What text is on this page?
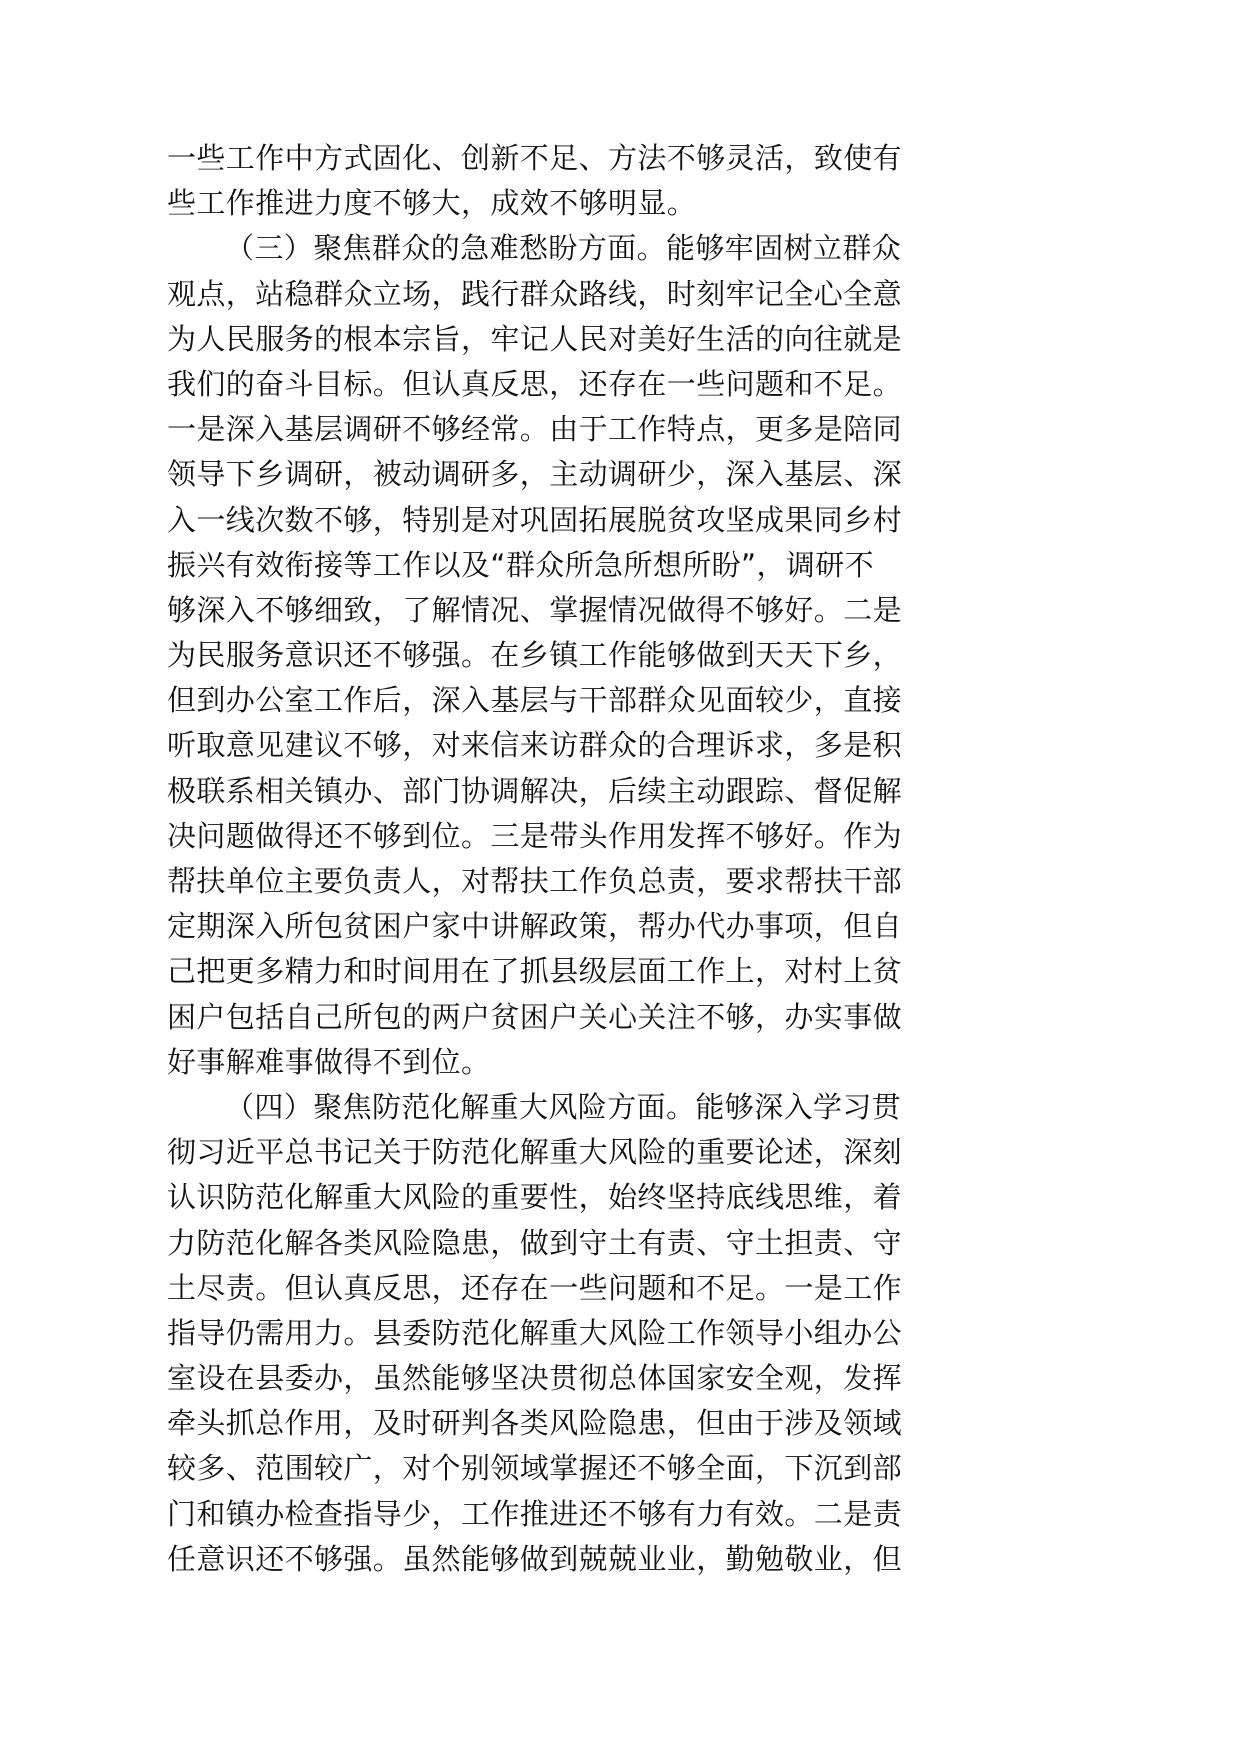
一些工作中方式固化、创新不足、方法不够灵活，致使有
些工作推进力度不够大，成效不够明显。
（三）聚焦群众的急难愁盼方面。能够牢固树立群众
观点，站稳群众立场，践行群众路线，时刻牢记全心全意
为人民服务的根本宗旨，牢记人民对美好生活的向往就是
我们的奋斗目标。但认真反思，还存在一些问题和不足。
一是深入基层调研不够经常。由于工作特点，更多是陪同
领导下乡调研，被动调研多，主动调研少，深入基层、深
入一线次数不够，特别是对巩固拓展脱贫攻坚成果同乡村
振兴有效衔接等工作以及“群众所急所想所盼”，调研不
够深入不够细致，了解情况、掌握情况做得不够好。二是
为民服务意识还不够强。在乡镇工作能够做到天天下乡，
但到办公室工作后，深入基层与干部群众见面较少，直接
听取意见建议不够，对来信来访群众的合理诉求，多是积
极联系相关镇办、部门协调解决，后续主动跟踪、督促解
决问题做得还不够到位。三是带头作用发挥不够好。作为
帮扶单位主要负责人，对帮扶工作负总责，要求帮扶干部
定期深入所包贫困户家中讲解政策，帮办代办事项，但自
己把更多精力和时间用在了抓县级层面工作上，对村上贫
困户包括自己所包的两户贫困户关心关注不够，办实事做
好事解难事做得不到位。
（四）聚焦防范化解重大风险方面。能够深入学习贯
彻习近平总书记关于防范化解重大风险的重要论述，深刻
认识防范化解重大风险的重要性，始终坚持底线思维，着
力防范化解各类风险隐患，做到守土有责、守土担责、守
土尽责。但认真反思，还存在一些问题和不足。一是工作
指导仍需用力。县委防范化解重大风险工作领导小组办公
室设在县委办，虽然能够坚决贯彻总体国家安全观，发挥
牵头抓总作用，及时研判各类风险隐患，但由于涉及领域
较多、范围较广，对个别领域掌握还不够全面，下沉到部
门和镇办检查指导少，工作推进还不够有力有效。二是责
任意识还不够强。虽然能够做到兢兢业业，勤勉敬业，但
